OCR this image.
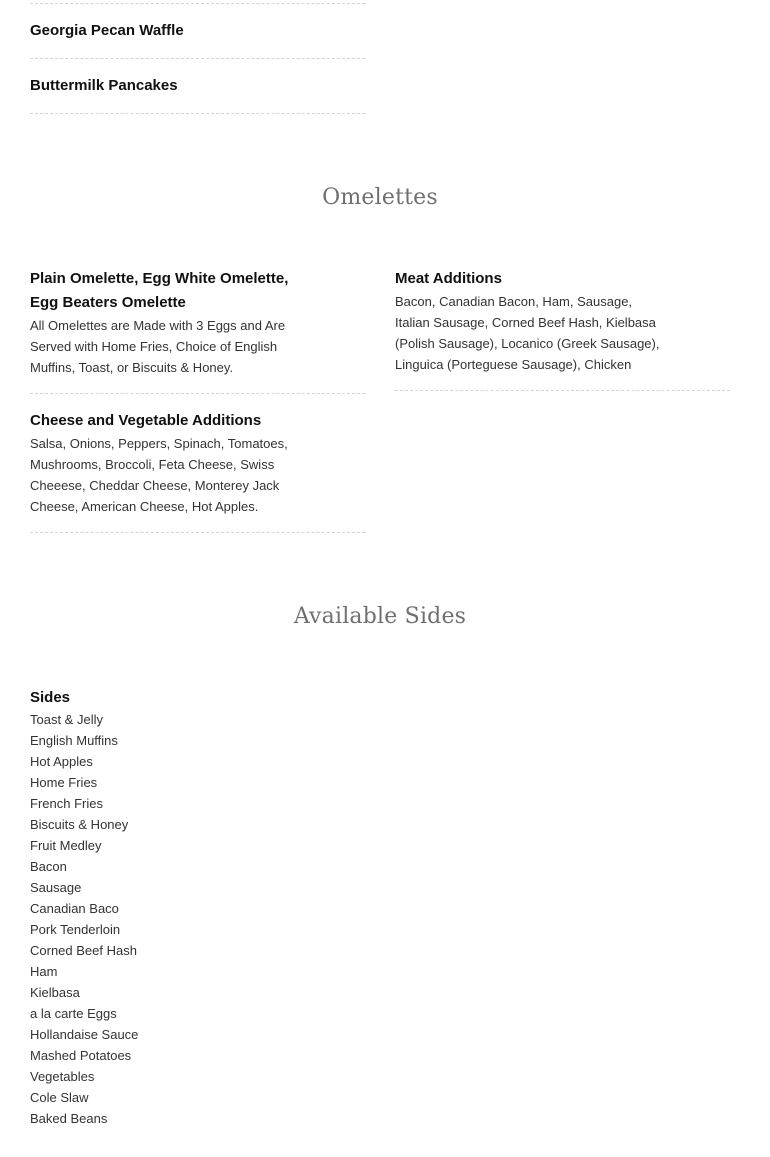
Georgia Pecan Waffle
Buttermilk Pancakes
Omelettes
Plain Omelette, Egg White Omelette,
Egg Beaters Omelette
All Omelettes are Made with 3 Eggs and Are
Served with Home Fries, Choice of English
Muffins, Toast, or Biscuits & Honey.
Meat Additions
Bacon, Canadian Bacon, Ham, Sausage,
Italian Sausage, Corned Beef Hash, Kielbasa
(Polish Sausage), Locanico (Greek Sausage),
Linguica (Porteguese Sausage), Chicken
Cheese and Vegetable Additions
Salsa, Onions, Peppers, Spinach, Tomatoes,
Mushrooms, Broccoli, Feta Cheese, Swiss
Cheeese, Cheddar Cheese, Monterey Jack
Cheese, American Cheese, Hot Apples.
Available Sides
Sides
Toast & Jelly
English Muffins
Hot Apples
Home Fries
French Fries
Biscuits & Honey
Fruit Medley
Bacon
Sausage
Canadian Baco
Pork Tenderloin
Corned Beef Hash
Ham
Kielbasa
a la carte Eggs
Hollandaise Sauce
Mashed Potatoes
Vegetables
Cole Slaw
Baked Beans
